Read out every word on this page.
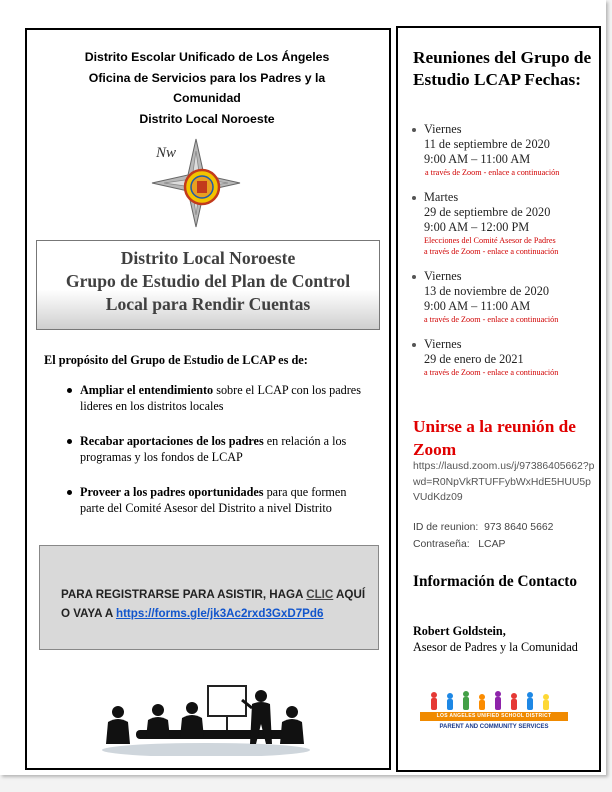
Distrito Escolar Unificado de Los Ángeles
Oficina de Servicios para los Padres y la
Comunidad
Distrito Local Noroeste
Nw
Distrito Local Noroeste
Grupo de Estudio del Plan de Control
Local para Rendir Cuentas
El propósito del Grupo de Estudio de LCAP es de:
Ampliar el entendimiento sobre el LCAP con los padres lideres en los distritos locales
Recabar aportaciones de los padres en relación a los programas y los fondos de LCAP
Proveer a los padres oportunidades para que formen parte del Comité Asesor del Distrito a nivel Distrito
PARA REGISTRARSE PARA ASISTIR, HAGA CLIC AQUÍ O VAYA A https://forms.gle/jk3Ac2rxd3GxD7Pd6
Reuniones del Grupo de Estudio LCAP Fechas:
Viernes
11 de septiembre de 2020
9:00 AM – 11:00 AM
a través de Zoom - enlace a continuación
Martes
29 de septiembre de 2020
9:00 AM – 12:00 PM
Elecciones del Comité Asesor de Padres
a través de Zoom - enlace a continuación
Viernes
13 de noviembre de 2020
9:00 AM – 11:00 AM
a través de Zoom - enlace a continuación
Viernes
29 de enero de 2021
a través de Zoom - enlace a continuación
Unirse a la reunión de Zoom
https://lausd.zoom.us/j/97386405662?pwd=R0NpVkRTUFFybWxHdE5HUU5pVUdKdz09
ID de reunion: 973 8640 5662
Contraseña: LCAP
Información de Contacto
Robert Goldstein,
Asesor de Padres y la Comunidad
LOS ANGELES UNIFIED SCHOOL DISTRICT
PARENT AND COMMUNITY SERVICES
